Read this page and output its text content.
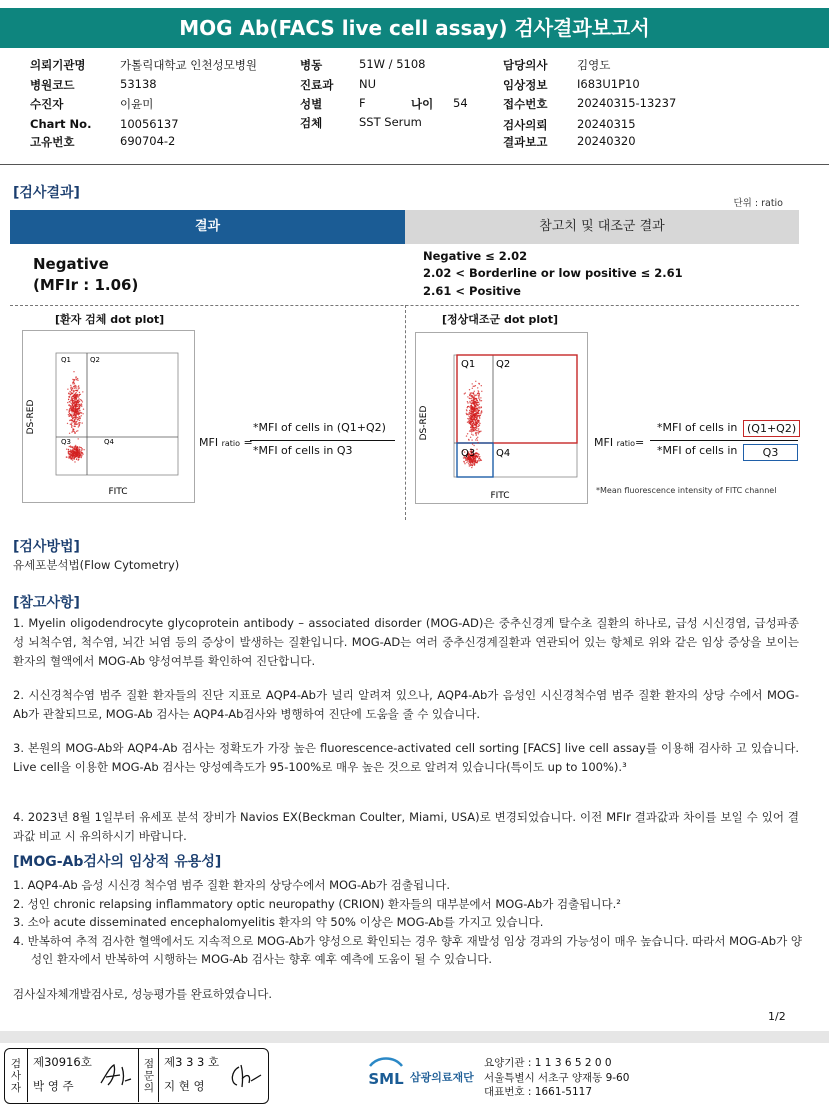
MOG Ab(FACS live cell assay) 검사결과보고서
의뢰기관명	가톨릭대학교 인천성모병원
병원코드	53138
수진자	이윤미
Chart No. 10056137
고유번호	690704-2
병동	51W / 5108
진료과 NU
성별	F	나이 54
검체	SST Serum
담당의사	김영도
임상정보	I683U1P10
접수번호	20240315-13237
검사의뢰	20240315
결과보고	20240320
[검사결과]
단위 : ratio
결과	참고치 및 대조군 결과
Negative
(MFIr : 1.06)
Negative ≤ 2.02
2.02 < Borderline or low positive ≤ 2.61
2.61 < Positive
[환자 검체 dot plot]	[정상대조군 dot plot]
Q1	Q2
Q3	Q4
FITC
DS-RED
MFI ratio =
*MFI of cells in (Q1+Q2)
*MFI of cells in Q3
Q1 Q2
Q3 Q4
FITC
DS-RED
MFI ratio=
*MFI of cells in (Q1+Q2)
*MFI of cells in	Q3
*Mean fluorescence intensity of FITC channel
[검사방법]
유세포분석법(Flow Cytometry)
[참고사항]
1. Myelin oligodendrocyte glycoprotein antibody – associated disorder (MOG-AD)은 중추신경계 탈수초 질환의 하나로, 급성 시신경염, 급성파종성 뇌척수염, 척수염, 뇌간 뇌염 등의 증상이 발생하는 질환입니다. MOG-AD는 여러 중추신경계질환과 연관되어 있는 항체로 위와 같은 임상 증상을 보이는 환자의 혈액에서 MOG-Ab 양성여부를 확인하여 진단합니다.
2. 시신경척수염 범주 질환 환자들의 진단 지표로 AQP4-Ab가 널리 알려져 있으나, AQP4-Ab가 음성인 시신경척수염 범주 질환 환자의 상당 수에서 MOG-Ab가 관찰되므로, MOG-Ab 검사는 AQP4-Ab검사와 병행하여 진단에 도움을 줄 수 있습니다.
3. 본원의 MOG-Ab와 AQP4-Ab 검사는 정확도가 가장 높은 fluorescence-activated cell sorting [FACS] live cell assay를 이용해 검사하 고 있습니다. Live cell을 이용한 MOG-Ab 검사는 양성예측도가 95-100%로 매우 높은 것으로 알려져 있습니다(특이도 up to 100%).³
4. 2023년 8월 1일부터 유세포 분석 장비가 Navios EX(Beckman Coulter, Miami, USA)로 변경되었습니다. 이전 MFIr 결과값과 차이를 보일 수 있어 결과값 비교 시 유의하시기 바랍니다.
[MOG-Ab검사의 임상적 유용성]
1. AQP4-Ab 음성 시신경 척수염 범주 질환 환자의 상당수에서 MOG-Ab가 검출됩니다.
2. 성인 chronic relapsing inflammatory optic neuropathy (CRION) 환자들의 대부분에서 MOG-Ab가 검출됩니다.²
3. 소아 acute disseminated encephalomyelitis 환자의 약 50% 이상은 MOG-Ab를 가지고 있습니다.
4. 반복하여 추적 검사한 혈액에서도 지속적으로 MOG-Ab가 양성으로 확인되는 경우 향후 재발성 임상 경과의 가능성이 매우 높습니다. 따라서 MOG-Ab가 양성인 환자에서 반복하여 시행하는 MOG-Ab 검사는 향후 예후 예측에 도움이 될 수 있습니다.
검사실자체개발검사로, 성능평가를 완료하였습니다.
1/2
검
사
자
제30916호
박 영 주
점
문
의
제3 3 3 호
지 현 영	SML 삼광의료재단
요양기관 : 1 1 3 6 5 2 0 0
서울특별시 서초구 양재동 9-60
대표번호 : 1661-5117
